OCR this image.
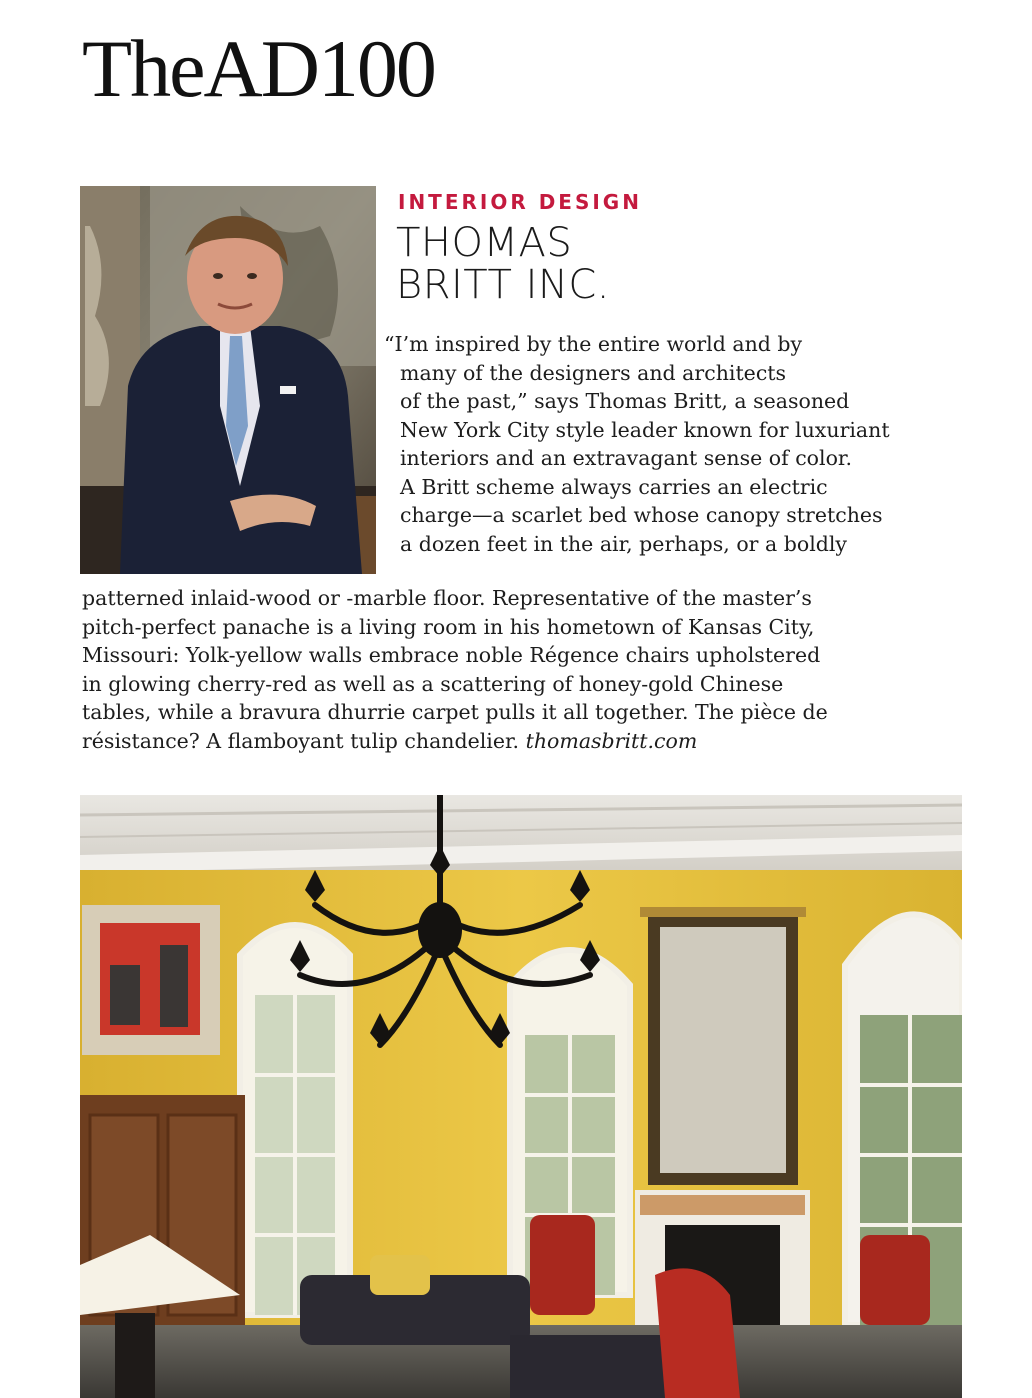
TheAD100
INTERIOR DESIGN
THOMAS
BRITT INC.
“I’m inspired by the entire world and by
many of the designers and architects
of the past,” says Thomas Britt, a seasoned
New York City style leader known for luxuriant
interiors and an extravagant sense of color.
A Britt scheme always carries an electric
charge—a scarlet bed whose canopy stretches
a dozen feet in the air, perhaps, or a boldly
patterned inlaid-wood or -marble floor. Representative of the master’s
pitch-perfect panache is a living room in his hometown of Kansas City,
Missouri: Yolk-yellow walls embrace noble Régence chairs upholstered
in glowing cherry-red as well as a scattering of honey-gold Chinese
tables, while a bravura dhurrie carpet pulls it all together. The pièce de
résistance? A flamboyant tulip chandelier. thomasbritt.com
